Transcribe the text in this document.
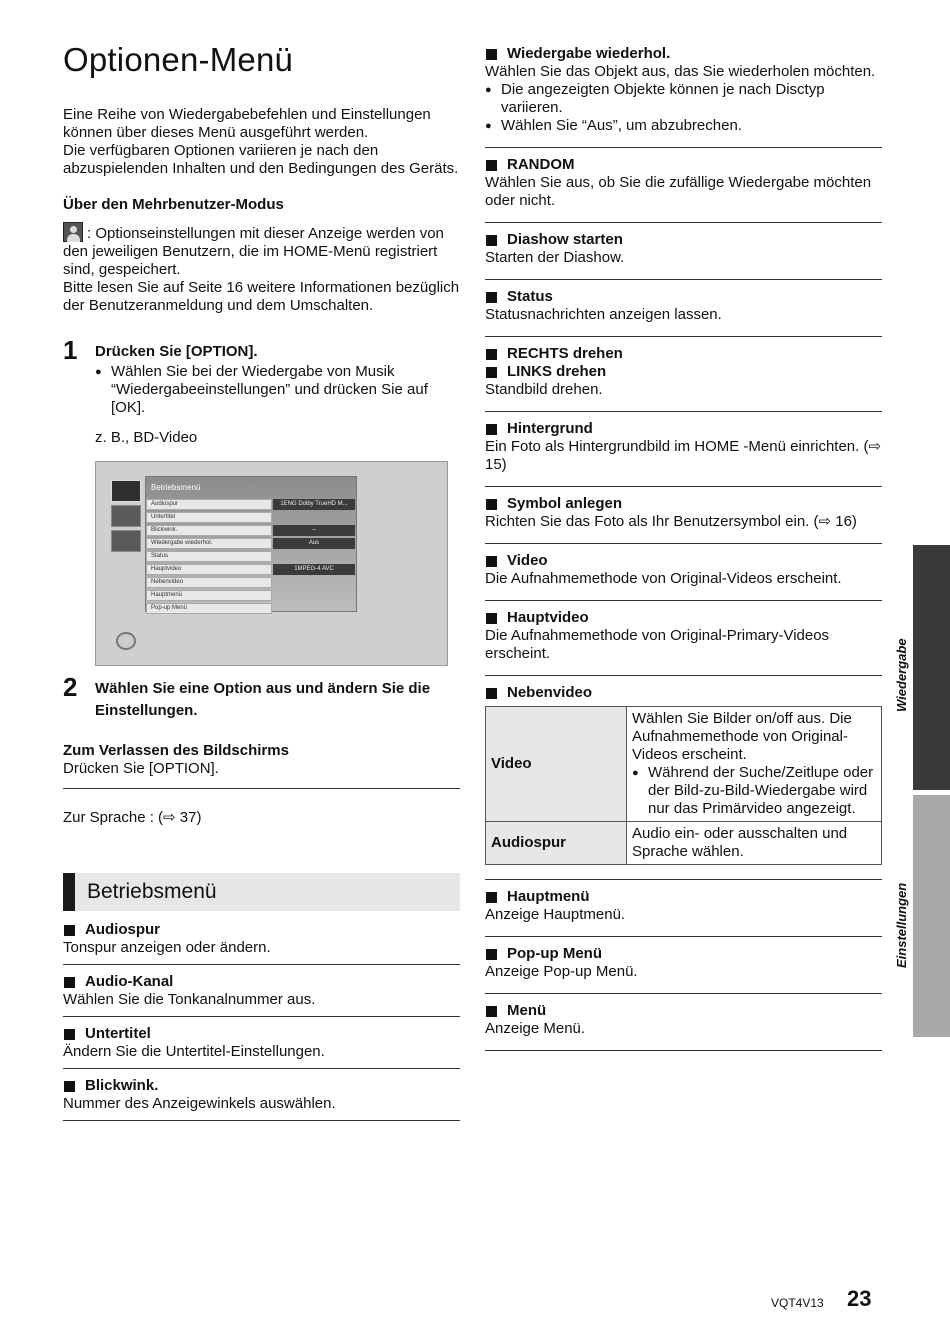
Optionen-Menü

Eine Reihe von Wiedergabebefehlen und Einstellungen können über dieses Menü ausgeführt werden.

Die verfügbaren Optionen variieren je nach den abzuspielenden Inhalten und den Bedingungen des Geräts.

Über den Mehrbenutzer-Modus

: Optionseinstellungen mit dieser Anzeige werden von den jeweiligen Benutzern, die im HOME-Menü registriert sind, gespeichert.

Bitte lesen Sie auf Seite 16 weitere Informationen bezüglich der Benutzeranmeldung und dem Umschalten.

1 Drücken Sie [OPTION].

● Wählen Sie bei der Wiedergabe von Musik “Wiedergabeeinstellungen” und drücken Sie auf [OK].

z. B., BD-Video

Betriebsmenü
Audiospur	1ENG Dolby TrueHD M...
Untertitel
Blickwink.	–
Wiedergabe wiederhol.	Aus
Status
Hauptvideo	1MPEG-4 AVC
Nebenvideo
Hauptmenü
Pop-up Menü
2 Wählen Sie eine Option aus und ändern Sie die Einstellungen.

Zum Verlassen des Bildschirms

Drücken Sie [OPTION].

Zur Sprache : (⇨ 37)

Betriebsmenü

Audiospur

Tonspur anzeigen oder ändern.

Audio-Kanal

Wählen Sie die Tonkanalnummer aus.

Untertitel

Ändern Sie die Untertitel-Einstellungen.

Blickwink.

Nummer des Anzeigewinkels auswählen.

Wiedergabe wiederhol.

Wählen Sie das Objekt aus, das Sie wiederholen möchten.

● Die angezeigten Objekte können je nach Disctyp variieren.

● Wählen Sie “Aus”, um abzubrechen.

RANDOM

Wählen Sie aus, ob Sie die zufällige Wiedergabe möchten oder nicht.

Diashow starten

Starten der Diashow.

Status

Statusnachrichten anzeigen lassen.

RECHTS drehen

LINKS drehen

Standbild drehen.

Hintergrund

Ein Foto als Hintergrundbild im HOME -Menü einrichten. (⇨ 15)

Symbol anlegen

Richten Sie das Foto als Ihr Benutzersymbol ein. (⇨ 16)

Video

Die Aufnahmemethode von Original-Videos erscheint.

Hauptvideo

Die Aufnahmemethode von Original-Primary-Videos erscheint.

Nebenvideo

Video	Wählen Sie Bilder on/off aus. Die Aufnahmemethode von Original-Videos erscheint.

● Während der Suche/Zeitlupe oder der Bild-zu-Bild-Wiedergabe wird nur das Primärvideo angezeigt.

Audiospur	Audio ein- oder ausschalten und Sprache wählen.

Hauptmenü

Anzeige Hauptmenü.

Pop-up Menü

Anzeige Pop-up Menü.

Menü

Anzeige Menü.

Wiedergabe
Einstellungen
VQT4V13 23
